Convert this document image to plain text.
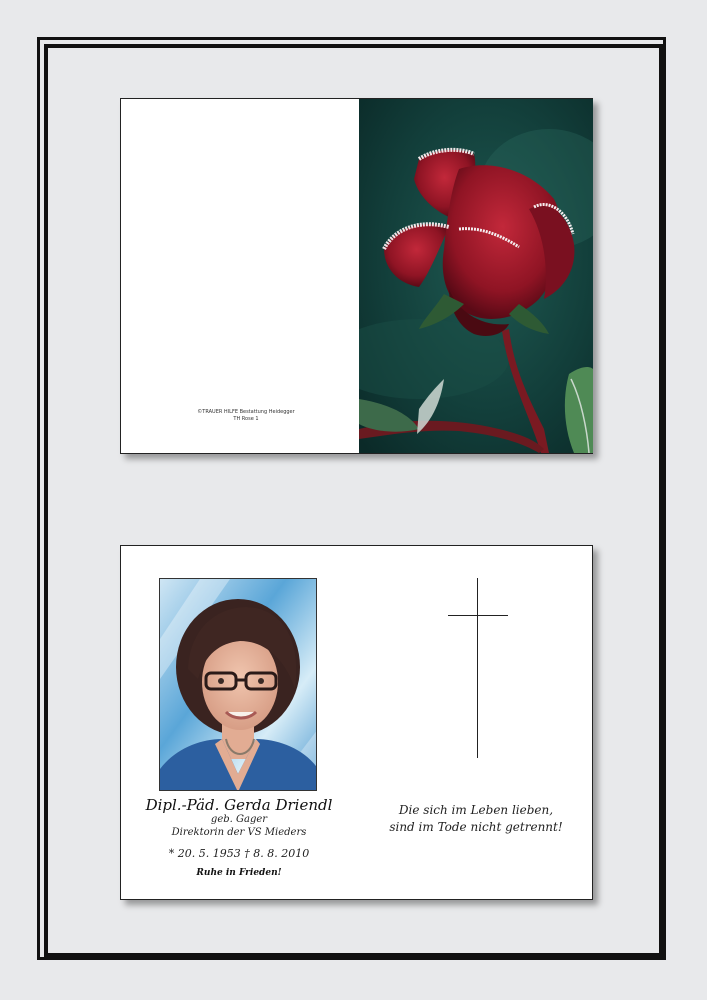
©TRAUER HILFE Bestattung Heidegger
TH Rose 1
Dipl.-Päd. Gerda Driendl
geb. Gager
Direktorin der VS Mieders
* 20. 5. 1953 † 8. 8. 2010
Ruhe in Frieden!
Die sich im Leben lieben,
sind im Tode nicht getrennt!
